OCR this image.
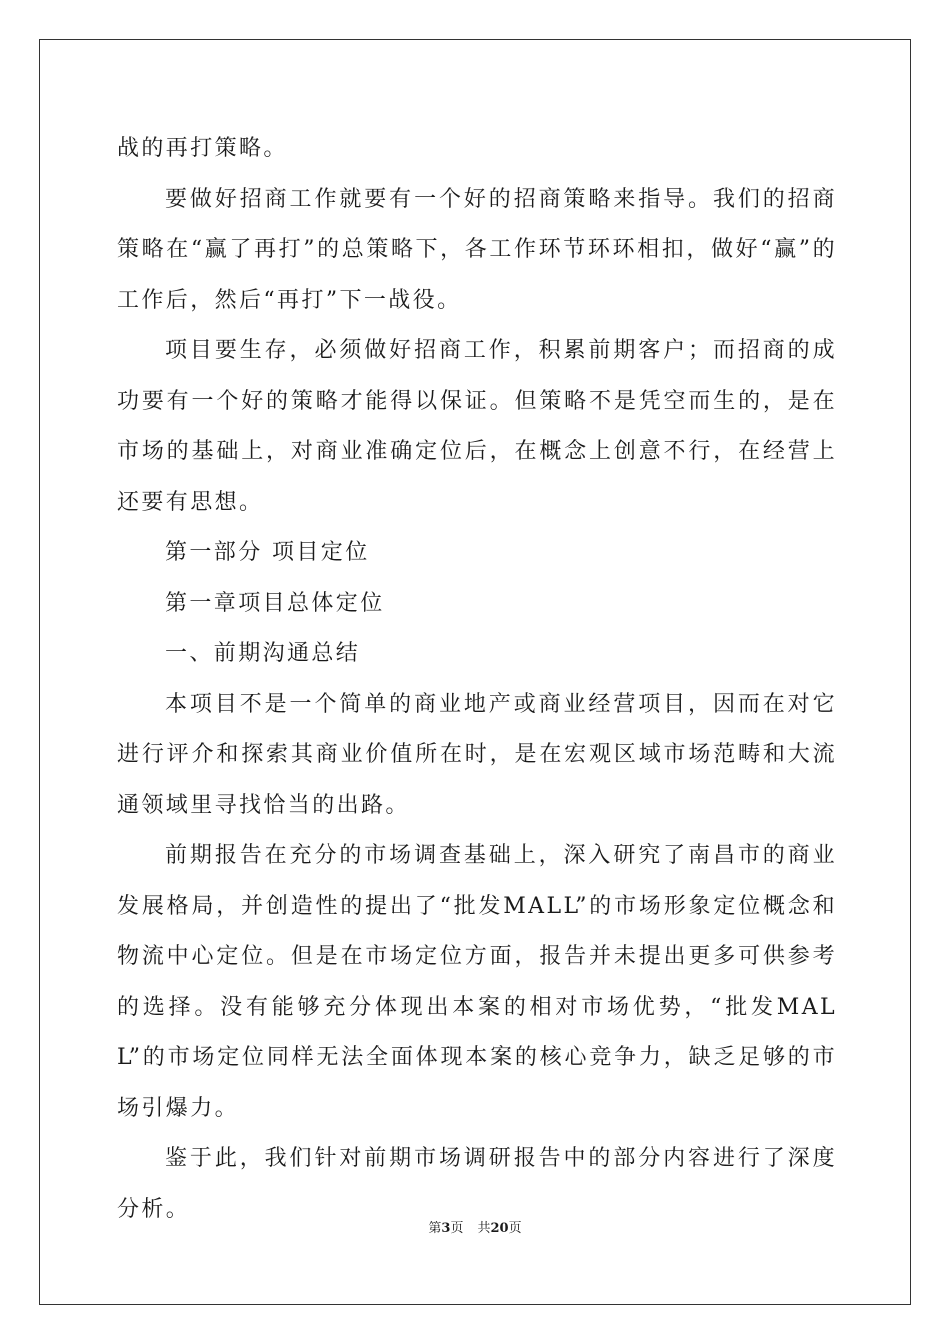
战的再打策略。

要做好招商工作就要有一个好的招商策略来指导。我们的招商策略在“赢了再打”的总策略下，各工作环节环环相扣，做好“赢”的工作后，然后“再打”下一战役。

项目要生存，必须做好招商工作，积累前期客户；而招商的成功要有一个好的策略才能得以保证。但策略不是凭空而生的，是在市场的基础上，对商业准确定位后，在概念上创意不行，在经营上还要有思想。

第一部分 项目定位

第一章项目总体定位

一、前期沟通总结

本项目不是一个简单的商业地产或商业经营项目，因而在对它进行评介和探索其商业价值所在时，是在宏观区域市场范畴和大流通领域里寻找恰当的出路。

前期报告在充分的市场调查基础上，深入研究了南昌市的商业发展格局，并创造性的提出了“批发MALL”的市场形象定位概念和物流中心定位。但是在市场定位方面，报告并未提出更多可供参考的选择。没有能够充分体现出本案的相对市场优势，“批发MALL”的市场定位同样无法全面体现本案的核心竞争力，缺乏足够的市场引爆力。

鉴于此，我们针对前期市场调研报告中的部分内容进行了深度分析。

第3页 共20页
